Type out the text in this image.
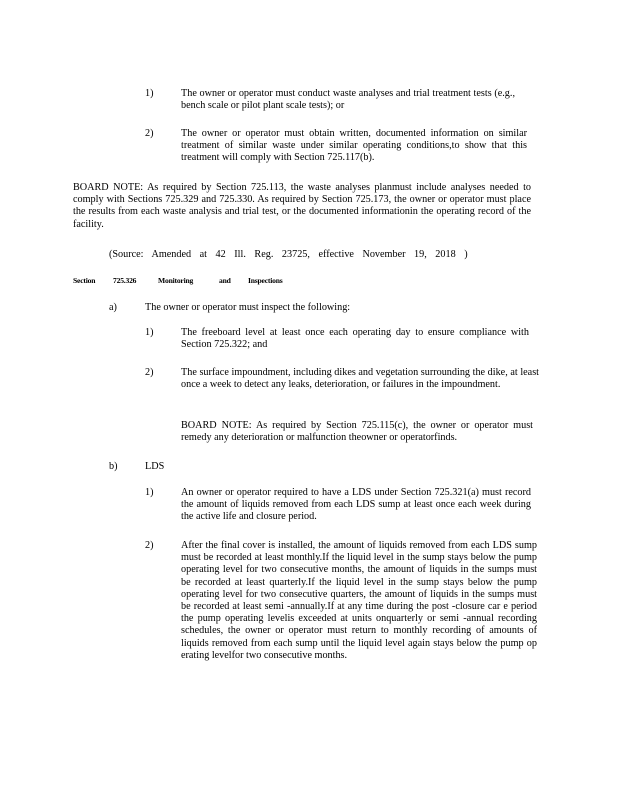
1)	The owner or operator must conduct waste analyses and trial treatment tests (e.g., bench scale or pilot plant scale tests); or
2)	The owner or operator must obtain written, documented information on similar treatment of similar waste under similar operating conditions,to show that this treatment will comply with Section 725.117(b).
BOARD NOTE: As required by Section 725.113, the waste analyses planmust include analyses needed to comply with Sections 725.329 and 725.330. As required by Section 725.173, the owner or operator must place the results from each waste analysis and trial test, or the documented informationin the operating record of the facility.
(Source: Amended at 42 Ill. Reg. 23725, effective November 19, 2018 )
Section 725.326	Monitoring	and Inspections
a)	The owner or operator must inspect the following:
1)	The freeboard level at least once each operating day to ensure compliance with Section 725.322; and
2)	The surface impoundment, including dikes and vegetation surrounding the dike, at least once a week to detect any leaks, deterioration, or failures in the impoundment.
BOARD NOTE: As required by Section 725.115(c), the owner or operator must remedy any deterioration or malfunction theowner or operatorfinds.
b)	LDS
1)	An owner or operator required to have a LDS under Section 725.321(a) must record the amount of liquids removed from each LDS sump at least once each week during the active life and closure period.
2)	After the final cover is installed, the amount of liquids removed from each LDS sump must be recorded at least monthly.If the liquid level in the sump stays below the pump operating level for two consecutive months, the amount of liquids in the sumps must be recorded at least quarterly.If the liquid level in the sump stays below the pump operating level for two consecutive quarters, the amount of liquids in the sumps must be recorded at least semi -annually.If at any time during the post -closure car e period the pump operating levelis exceeded at units onquarterly or semi -annual recording schedules, the owner or operator must return to monthly recording of amounts of liquids removed from each sump until the liquid level again stays below the pump op erating levelfor two consecutive months.
